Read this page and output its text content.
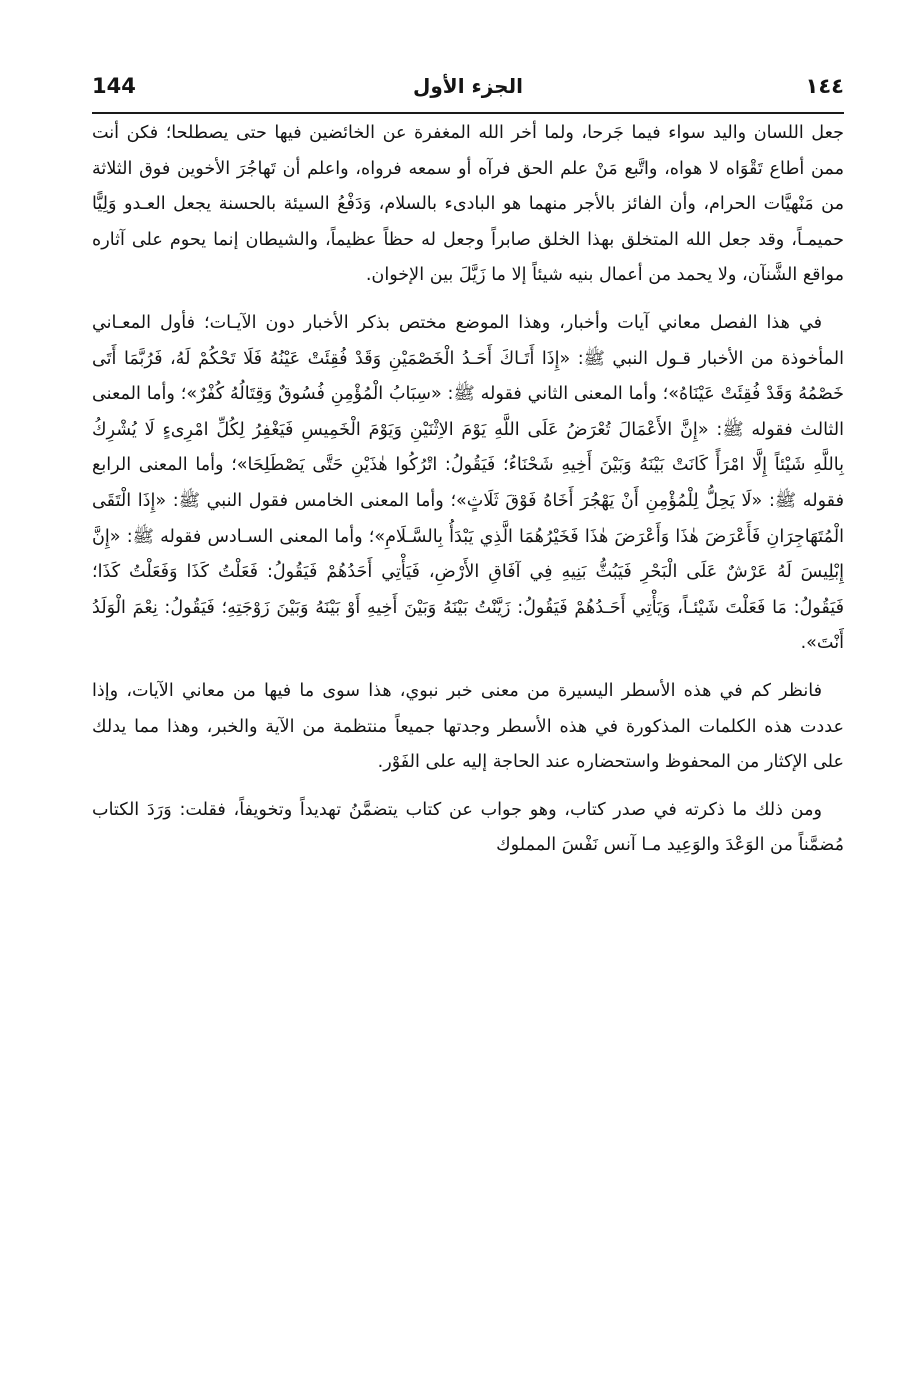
144	الجزء الأول	١٤٤

جعل اللسان واليد سواء فيما جَرحا، ولما أخر الله المغفرة عن الخائضين فيها حتى يصطلحا؛ فكن أنت ممن أطاع تَقْوَاه لا هواه، واتَّبع مَنْ علم الحق فرآه أو سمعه فرواه، واعلم أن تَهاجُرَ الأخوين فوق الثلاثة من مَنْهيَّات الحرام، وأن الفائز بالأجر منهما هو البادىء بالسلام، وَدَفْعُ السيئة بالحسنة يجعل العـدو وَلِيًّا حميمـاً، وقد جعل الله المتخلق بهذا الخلق صابراً وجعل له حظاً عظيماً، والشيطان إنما يحوم على آثاره مواقع الشَّنآن، ولا يحمد من أعمال بنيه شيئاً إلا ما زَيَّلَ بين الإخوان.

في هذا الفصل معاني آيات وأخبار، وهذا الموضع مختص بذكر الأخبار دون الآيـات؛ فأول المعـاني المأخوذة من الأخبار قـول النبي ﷺ: «إِذَا أَتَـاكَ أَحَـدُ الْخَصْمَيْنِ وَقَدْ فُقِئَتْ عَيْنُهُ فَلَا تَحْكُمْ لَهُ، فَرُبَّمَا أَتَى خَصْمُهُ وَقَدْ فُقِئَتْ عَيْنَاهُ»؛ وأما المعنى الثاني فقوله ﷺ: «سِبَابُ الْمُؤْمِنِ فُسُوقٌ وَقِتَالُهُ كُفْرٌ»؛ وأما المعنى الثالث فقوله ﷺ: «إِنَّ الأَعْمَالَ تُعْرَضُ عَلَى اللَّهِ يَوْمَ الاِثْنَيْنِ وَيَوْمَ الْخَمِيسِ فَيَغْفِرُ لِكُلِّ امْرِىءٍ لَا يُشْرِكُ بِاللَّهِ شَيْئاً إِلَّا امْرَأً كَانَتْ بَيْنَهُ وَبَيْنَ أَخِيهِ شَحْنَاءُ؛ فَيَقُولُ: اتْرُكُوا هٰذَيْنِ حَتَّى يَصْطَلِحَا»؛ وأما المعنى الرابع فقوله ﷺ: «لَا يَحِلُّ لِلْمُؤْمِنِ أَنْ يَهْجُرَ أَخَاهُ فَوْقَ ثَلَاثٍ»؛ وأما المعنى الخامس فقول النبي ﷺ: «إِذَا الْتَقَى الْمُتَهَاجِرَانِ فَأَعْرَضَ هٰذَا وَأَعْرَضَ هٰذَا فَخَيْرُهُمَا الَّذِي يَبْدَأُ بِالسَّـلَامِ»؛ وأما المعنى السـادس فقوله ﷺ: «إِنَّ إِبْلِيسَ لَهُ عَرْشٌ عَلَى الْبَحْرِ فَيَبُثُّ بَنِيهِ فِي آفَاقِ الأَرْضِ، فَيَأْتِي أَحَدُهُمْ فَيَقُولُ: فَعَلْتُ كَذَا وَفَعَلْتُ كَذَا؛ فَيَقُولُ: مَا فَعَلْتَ شَيْئـاً، وَيَأْتِي أَحَـدُهُمْ فَيَقُولُ: زَيَّنْتُ بَيْنَهُ وَبَيْنَ أَخِيهِ أَوْ بَيْنَهُ وَبَيْنَ زَوْجَتِهِ؛ فَيَقُولُ: نِعْمَ الْوَلَدُ أَنْتَ».

فانظر كم في هذه الأسطر اليسيرة من معنى خبر نبوي، هذا سوى ما فيها من معاني الآيات، وإذا عددت هذه الكلمات المذكورة في هذه الأسطر وجدتها جميعاً منتظمة من الآية والخبر، وهذا مما يدلك على الإكثار من المحفوظ واستحضاره عند الحاجة إليه على الفَوْر.

ومن ذلك ما ذكرته في صدر كتاب، وهو جواب عن كتاب يتضمَّنُ تهديداً وتخويفاً، فقلت: وَرَدَ الكتاب مُضمَّناً من الوَعْدَ والوَعِيد مـا آنس نَفْسَ المملوك
